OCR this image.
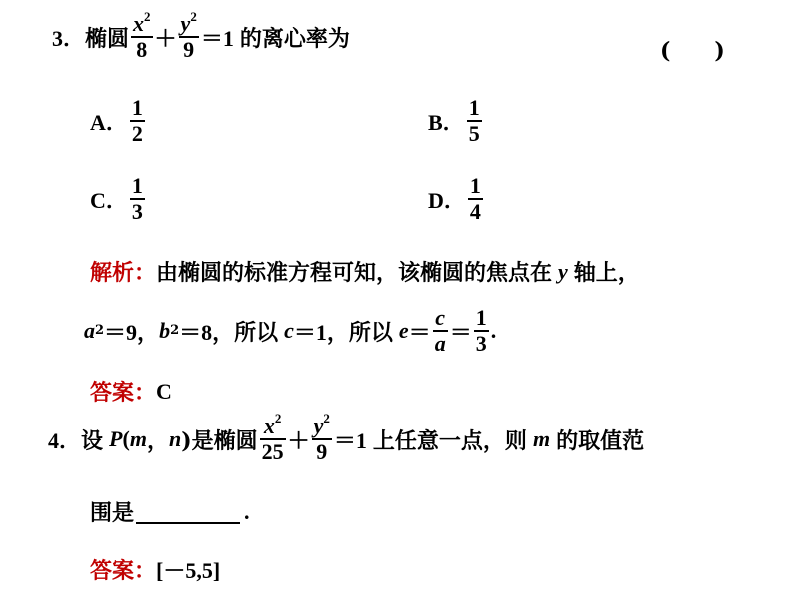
3． 椭圆 $\frac{x^2}{8} + \frac{y^2}{9} =1$ 的离心率为	(　　)
A． $\frac{1}{2}$	B． $\frac{1}{5}$
C． $\frac{1}{3}$	D． $\frac{1}{4}$
解析： 由椭圆的标准方程可知，该椭圆的焦点在 y 轴上，
a 2 ＝9， b 2 ＝8，所以 c ＝1，所以 $e = \frac{c}{a} = \frac{1}{3}$ .
答案： C
4． 设 P ( m ， n )是椭圆 $\frac{x^2}{25} + \frac{y^2}{9} =1$ 上任意一点，则 m 的取值范
围是	.
答案： [－5,5]
